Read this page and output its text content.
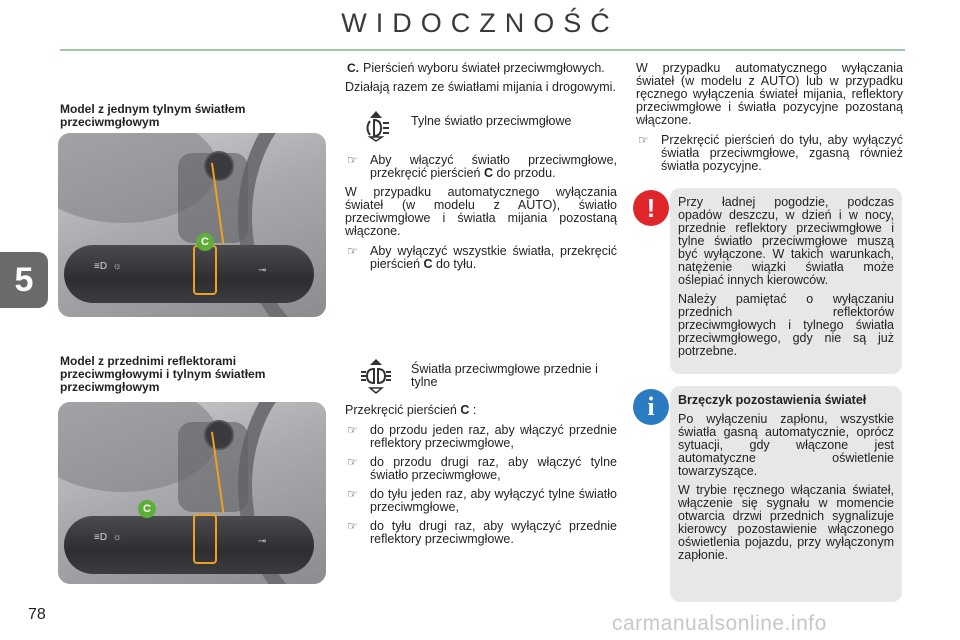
WIDOCZNOŚĆ
5
Model z jednym tylnym światłem przeciwmgłowym
≡D  ☼	⊸
C
Model z przednimi reflektorami przeciwmgłowymi i tylnym światłem przeciwmgłowym
≡D  ☼	⊸
C
C. Pierścień wyboru świateł przeciwmgłowych.

Działają razem ze światłami mijania i drogowymi.

Tylne światło przeciwmgłowe
☞ Aby włączyć światło przeciwmgłowe, przekręcić pierścień C do przodu.

W przypadku automatycznego wyłączania świateł (w modelu z AUTO), światło przeciwmgłowe i światła mijania pozostaną włączone.

☞ Aby wyłączyć wszystkie światła, przekręcić pierścień C do tyłu.
Światła przeciwmgłowe przednie i tylne

Przekręcić pierścień C :

☞ do przodu jeden raz, aby włączyć przednie reflektory przeciwmgłowe,
☞ do przodu drugi raz, aby włączyć tylne światło przeciwmgłowe,
☞ do tyłu jeden raz, aby wyłączyć tylne światło przeciwmgłowe,
☞ do tyłu drugi raz, aby wyłączyć przednie reflektory przeciwmgłowe.

W przypadku automatycznego wyłączania świateł (w modelu z AUTO) lub w przypadku ręcznego wyłączenia świateł mijania, reflektory przeciwmgłowe i światła pozycyjne pozostaną włączone.

☞ Przekręcić pierścień do tyłu, aby wyłączyć światła przeciwmgłowe, zgasną również światła pozycyjne.
!	Przy ładnej pogodzie, podczas opadów deszczu, w dzień i w nocy, przednie reflektory przeciwmgłowe i tylne światło przeciwmgłowe muszą być wyłączone. W takich warunkach, natężenie wiązki światła może oślepiać innych kierowców.

Należy pamiętać o wyłączaniu przednich reflektorów przeciwmgłowych i tylnego światła przeciwmgłowego, gdy nie są już potrzebne.

i	Brzęczyk pozostawienia świateł

Po wyłączeniu zapłonu, wszystkie światła gasną automatycznie, oprócz sytuacji, gdy włączone jest automatyczne oświetlenie towarzyszące.

W trybie ręcznego włączania świateł, włączenie się sygnału w momencie otwarcia drzwi przednich sygnalizuje kierowcy pozostawienie włączonego oświetlenia pojazdu, przy wyłączonym zapłonie.

78	carmanualsonline.info
